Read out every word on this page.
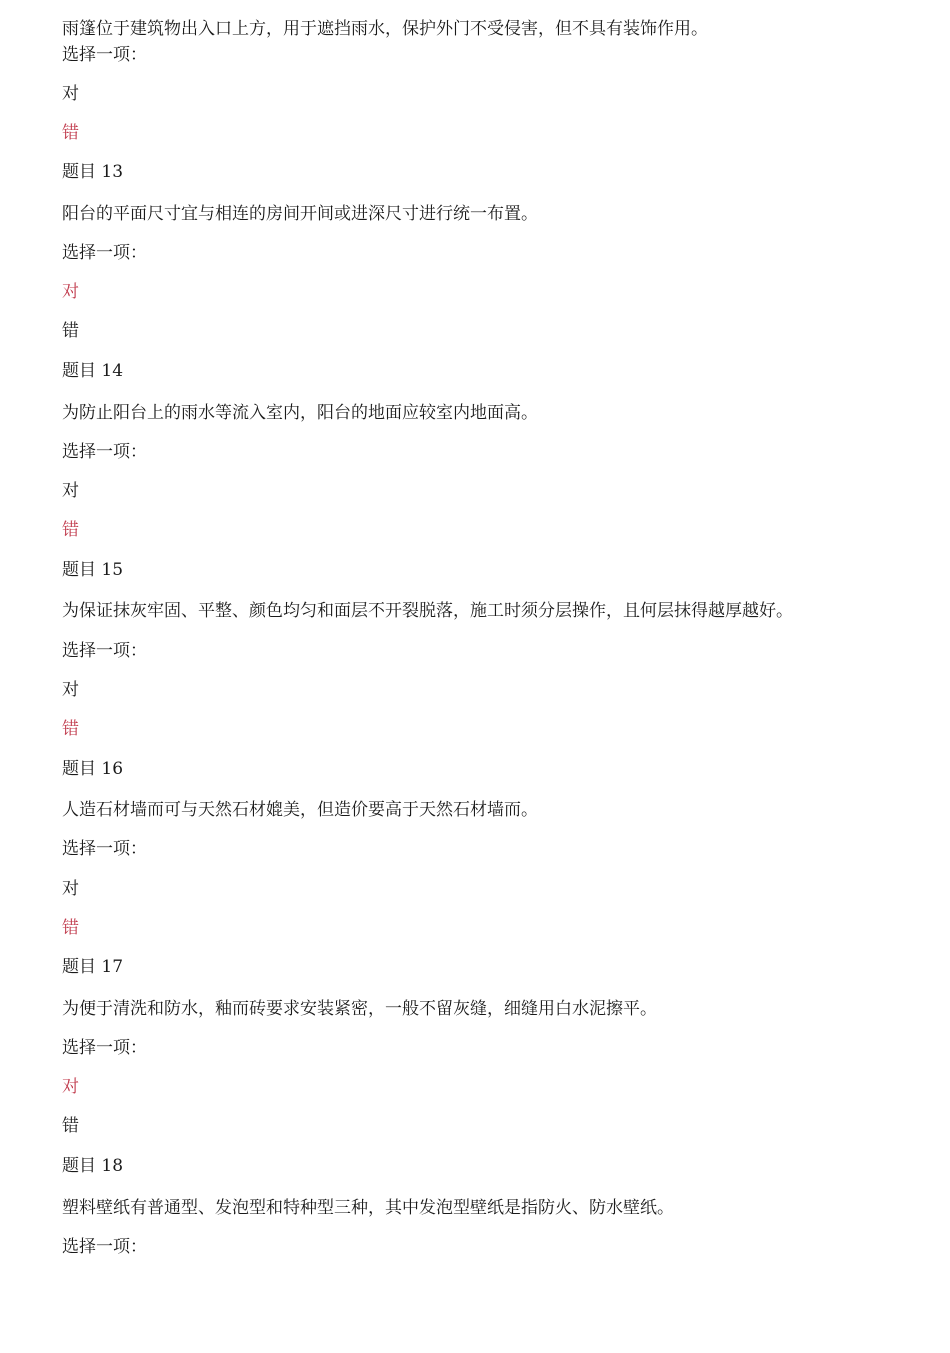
雨篷位于建筑物出入口上方，用于遮挡雨水，保护外门不受侵害，但不具有装饰作用。
选择一项：
对
错
题目 13
阳台的平面尺寸宜与相连的房间开间或进深尺寸进行统一布置。
选择一项：
对
错
题目 14
为防止阳台上的雨水等流入室内，阳台的地面应较室内地面高。
选择一项：
对
错
题目 15
为保证抹灰牢固、平整、颜色均匀和面层不开裂脱落，施工时须分层操作，且何层抹得越厚越好。
选择一项：
对
错
题目 16
人造石材墙而可与天然石材媲美，但造价要高于天然石材墙而。
选择一项：
对
错
题目 17
为便于清洗和防水，釉而砖要求安装紧密，一般不留灰缝，细缝用白水泥擦平。
选择一项：
对
错
题目 18
塑料壁纸有普通型、发泡型和特种型三种，其中发泡型壁纸是指防火、防水壁纸。
选择一项：
